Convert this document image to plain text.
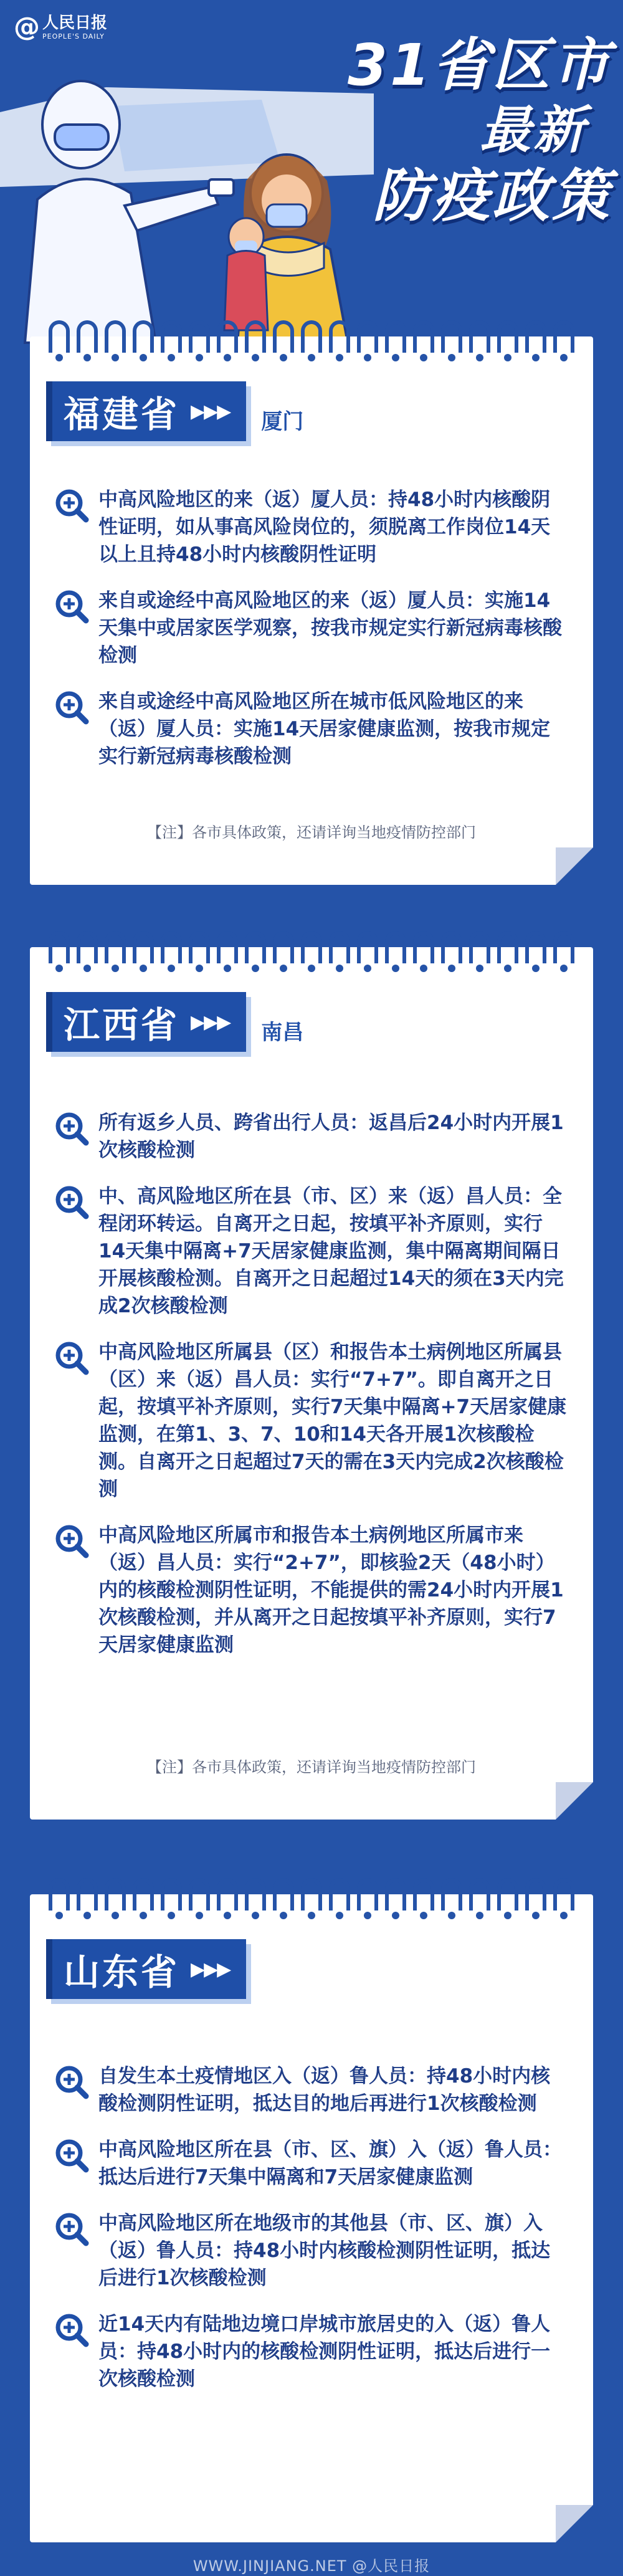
@ 人民日报
PEOPLE'S DAILY	31省区市
最新
防疫政策
福建省 ▶▶▶ 厦门
中高风险地区的来（返）厦人员：持48小时内核酸阴性证明，如从事高风险岗位的，须脱离工作岗位14天以上且持48小时内核酸阴性证明
来自或途经中高风险地区的来（返）厦人员：实施14天集中或居家医学观察，按我市规定实行新冠病毒核酸检测
来自或途经中高风险地区所在城市低风险地区的来（返）厦人员：实施14天居家健康监测，按我市规定实行新冠病毒核酸检测
【注】各市具体政策，还请详询当地疫情防控部门
江西省 ▶▶▶ 南昌
所有返乡人员、跨省出行人员：返昌后24小时内开展1次核酸检测
中、高风险地区所在县（市、区）来（返）昌人员：全程闭环转运。自离开之日起，按填平补齐原则，实行14天集中隔离+7天居家健康监测，集中隔离期间隔日开展核酸检测。自离开之日起超过14天的须在3天内完成2次核酸检测
中高风险地区所属县（区）和报告本土病例地区所属县（区）来（返）昌人员：实行“7+7”。即自离开之日起，按填平补齐原则，实行7天集中隔离+7天居家健康监测，在第1、3、7、10和14天各开展1次核酸检测。自离开之日起超过7天的需在3天内完成2次核酸检测
中高风险地区所属市和报告本土病例地区所属市来（返）昌人员：实行“2+7”，即核验2天（48小时）内的核酸检测阴性证明，不能提供的需24小时内开展1次核酸检测，并从离开之日起按填平补齐原则，实行7天居家健康监测
【注】各市具体政策，还请详询当地疫情防控部门
山东省 ▶▶▶
自发生本土疫情地区入（返）鲁人员：持48小时内核酸检测阴性证明，抵达目的地后再进行1次核酸检测
中高风险地区所在县（市、区、旗）入（返）鲁人员：抵达后进行7天集中隔离和7天居家健康监测
中高风险地区所在地级市的其他县（市、区、旗）入（返）鲁人员：持48小时内核酸检测阴性证明，抵达后进行1次核酸检测
近14天内有陆地边境口岸城市旅居史的入（返）鲁人员：持48小时内的核酸检测阴性证明，抵达后进行一次核酸检测
WWW.JINJIANG.NET @人民日报
